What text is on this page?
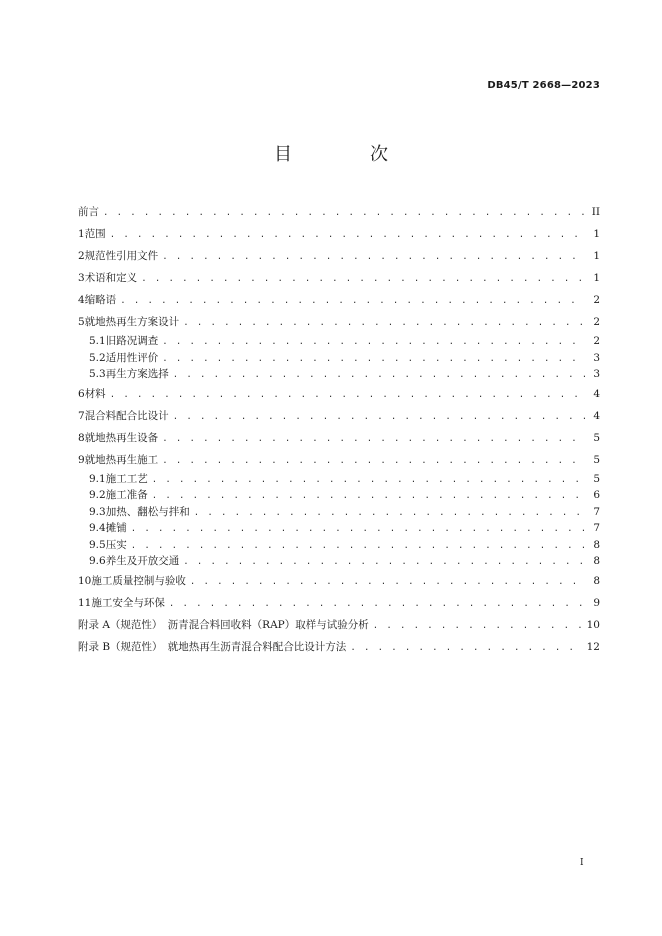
DB45/T 2668—2023
目　次
前言 . . .	II
1 范围 . . .	1
2 规范性引用文件 . . .	1
3 术语和定义 . . .	1
4 缩略语 . . .	2
5 就地热再生方案设计 . . .	2
5.1 旧路况调查 . . .	2
5.2 适用性评价 . . .	3
5.3 再生方案选择 . . .	3
6 材料 . . .	4
7 混合料配合比设计 . . .	4
8 就地热再生设备 . . .	5
9 就地热再生施工 . . .	5
9.1 施工工艺 . . .	5
9.2 施工准备 . . .	6
9.3 加热、翻松与拌和 . . .	7
9.4 摊铺 . . .	7
9.5 压实 . . .	8
9.6 养生及开放交通 . . .	8
10 施工质量控制与验收 . . .	8
11 施工安全与环保 . . .	9
附录 A（规范性）　沥青混合料回收料（RAP）取样与试验分析 . . .	10
附录 B（规范性）　就地热再生沥青混合料配合比设计方法 . . .	12
I
